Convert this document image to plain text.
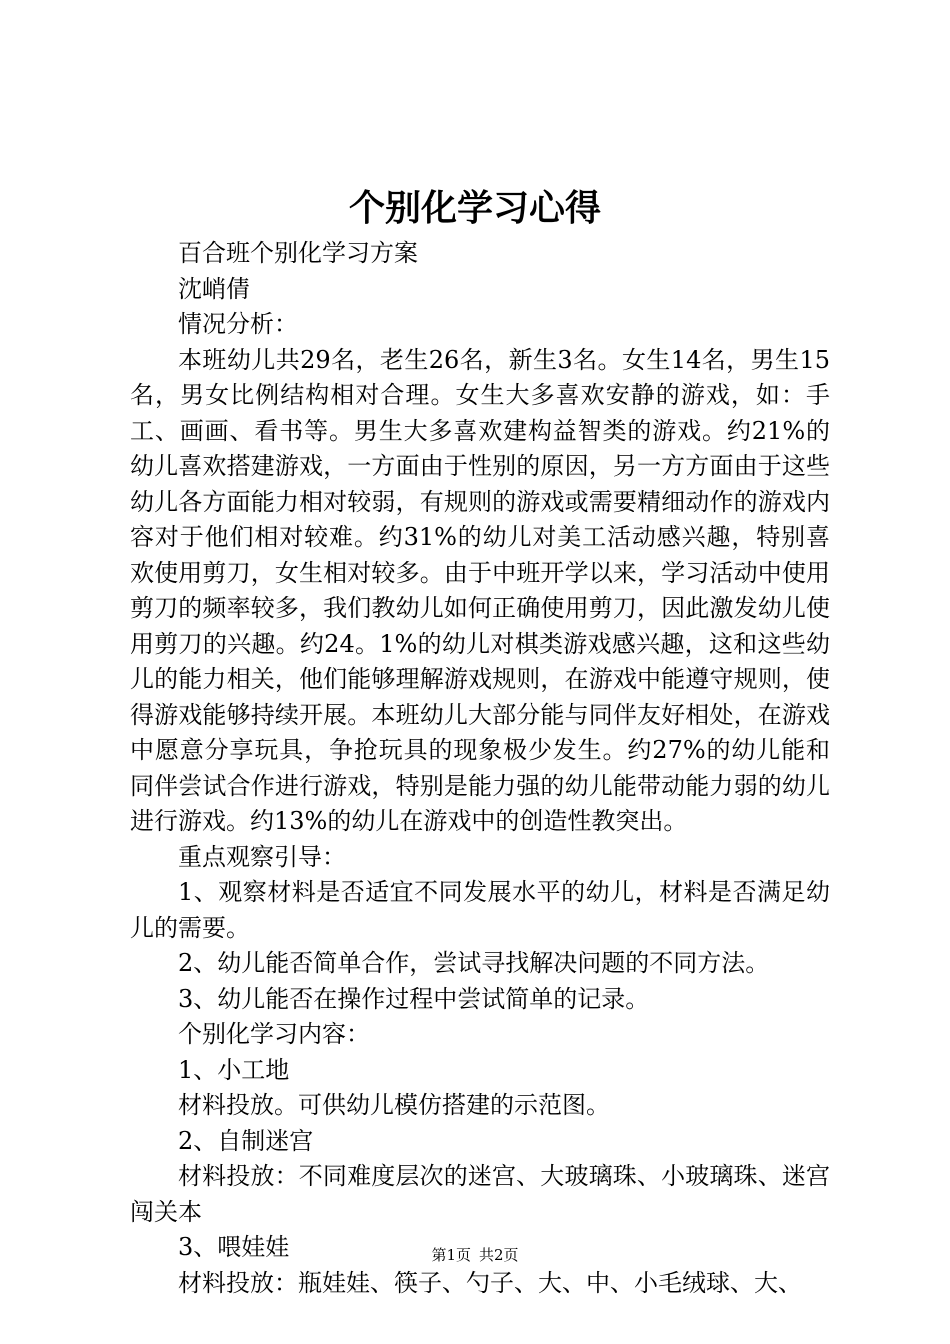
个别化学习心得

百合班个别化学习方案

沈峭倩

情况分析：

本班幼儿共29名，老生26名，新生3名。女生14名，男生15名，男女比例结构相对合理。女生大多喜欢安静的游戏，如：手工、画画、看书等。男生大多喜欢建构益智类的游戏。约21%的幼儿喜欢搭建游戏，一方面由于性别的原因，另一方方面由于这些幼儿各方面能力相对较弱，有规则的游戏或需要精细动作的游戏内容对于他们相对较难。约31%的幼儿对美工活动感兴趣，特别喜欢使用剪刀，女生相对较多。由于中班开学以来，学习活动中使用剪刀的频率较多，我们教幼儿如何正确使用剪刀，因此激发幼儿使用剪刀的兴趣。约24。1%的幼儿对棋类游戏感兴趣，这和这些幼儿的能力相关，他们能够理解游戏规则，在游戏中能遵守规则，使得游戏能够持续开展。本班幼儿大部分能与同伴友好相处，在游戏中愿意分享玩具，争抢玩具的现象极少发生。约27%的幼儿能和同伴尝试合作进行游戏，特别是能力强的幼儿能带动能力弱的幼儿进行游戏。约13%的幼儿在游戏中的创造性教突出。

重点观察引导：

1、观察材料是否适宜不同发展水平的幼儿，材料是否满足幼儿的需要。

2、幼儿能否简单合作，尝试寻找解决问题的不同方法。

3、幼儿能否在操作过程中尝试简单的记录。

个别化学习内容：

1、小工地

材料投放。可供幼儿模仿搭建的示范图。

2、自制迷宫

材料投放：不同难度层次的迷宫、大玻璃珠、小玻璃珠、迷宫闯关本

3、喂娃娃

材料投放：瓶娃娃、筷子、勺子、大、中、小毛绒球、大、

第1页 共2页
